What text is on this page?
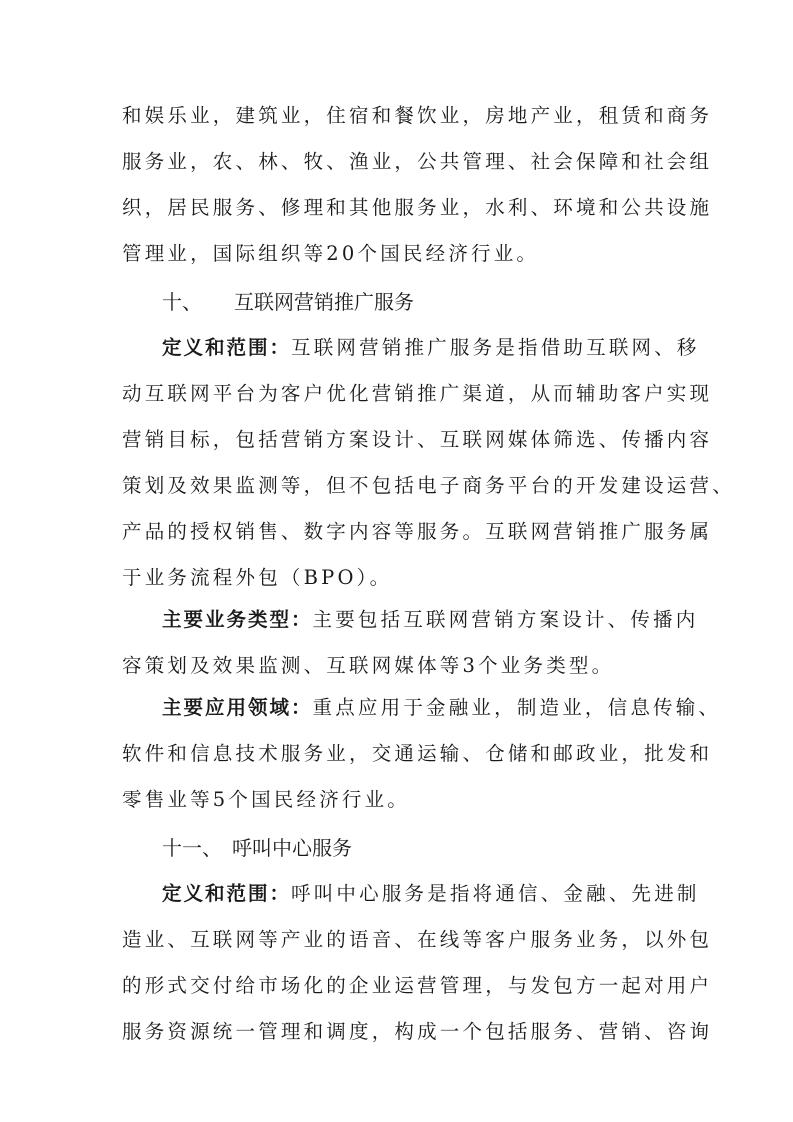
和娱乐业，建筑业，住宿和餐饮业，房地产业，租赁和商务
服务业，农、林、牧、渔业，公共管理、社会保障和社会组
织，居民服务、修理和其他服务业，水利、环境和公共设施
管理业，国际组织等20个国民经济行业。
十、 互联网营销推广服务
定义和范围：互联网营销推广服务是指借助互联网、移
动互联网平台为客户优化营销推广渠道，从而辅助客户实现
营销目标，包括营销方案设计、互联网媒体筛选、传播内容
策划及效果监测等，但不包括电子商务平台的开发建设运营、
产品的授权销售、数字内容等服务。互联网营销推广服务属
于业务流程外包（BPO）。
主要业务类型：主要包括互联网营销方案设计、传播内
容策划及效果监测、互联网媒体等3个业务类型。
主要应用领域：重点应用于金融业，制造业，信息传输、
软件和信息技术服务业，交通运输、仓储和邮政业，批发和
零售业等5个国民经济行业。
十一、 呼叫中心服务
定义和范围：呼叫中心服务是指将通信、金融、先进制
造业、互联网等产业的语音、在线等客户服务业务，以外包
的形式交付给市场化的企业运营管理，与发包方一起对用户
服务资源统一管理和调度，构成一个包括服务、营销、咨询
